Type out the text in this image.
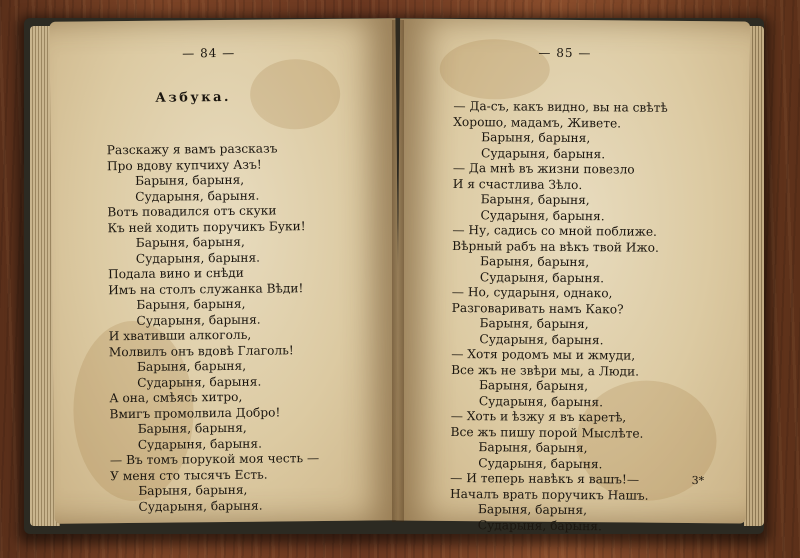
— 84 —
Азбука.
Разскажу я вамъ разсказъ
Про вдову купчиху Азъ!
Барыня, барыня,
Сударыня, барыня.
Вотъ повадился отъ скуки
Къ ней ходить поручикъ Буки!
Барыня, барыня,
Сударыня, барыня.
Подала вино и снѣди
Имъ на столъ служанка Вѣди!
Барыня, барыня,
Сударыня, барыня.
И хвативши алкоголь,
Молвилъ онъ вдовѣ Глаголь!
Барыня, барыня,
Сударыня, барыня.
А она, смѣясь хитро,
Вмигъ промолвила Добро!
Барыня, барыня,
Сударыня, барыня.
— Въ томъ порукой моя честь —
У меня сто тысячъ Есть.
Барыня, барыня,
Сударыня, барыня.
— 85 —
— Да-съ, какъ видно, вы на свѣтѣ
Хорошо, мадамъ, Живете.
Барыня, барыня,
Сударыня, барыня.
— Да мнѣ въ жизни повезло
И я счастлива Зѣло.
Барыня, барыня,
Сударыня, барыня.
— Ну, садись со мной поближе.
Вѣрный рабъ на вѣкъ твой Ижо.
Барыня, барыня,
Сударыня, барыня.
— Но, сударыня, однако,
Разговаривать намъ Како?
Барыня, барыня,
Сударыня, барыня.
— Хотя родомъ мы и жмуди,
Все жъ не звѣри мы, а Люди.
Барыня, барыня,
Сударыня, барыня.
— Хоть и ѣзжу я въ каретѣ,
Все жъ пишу порой Мыслѣте.
Барыня, барыня,
Сударыня, барыня.
— И теперь навѣкъ я вашъ!—
Началъ врать поручикъ Нашъ.
Барыня, барыня,
Сударыня, барыня.
3*
